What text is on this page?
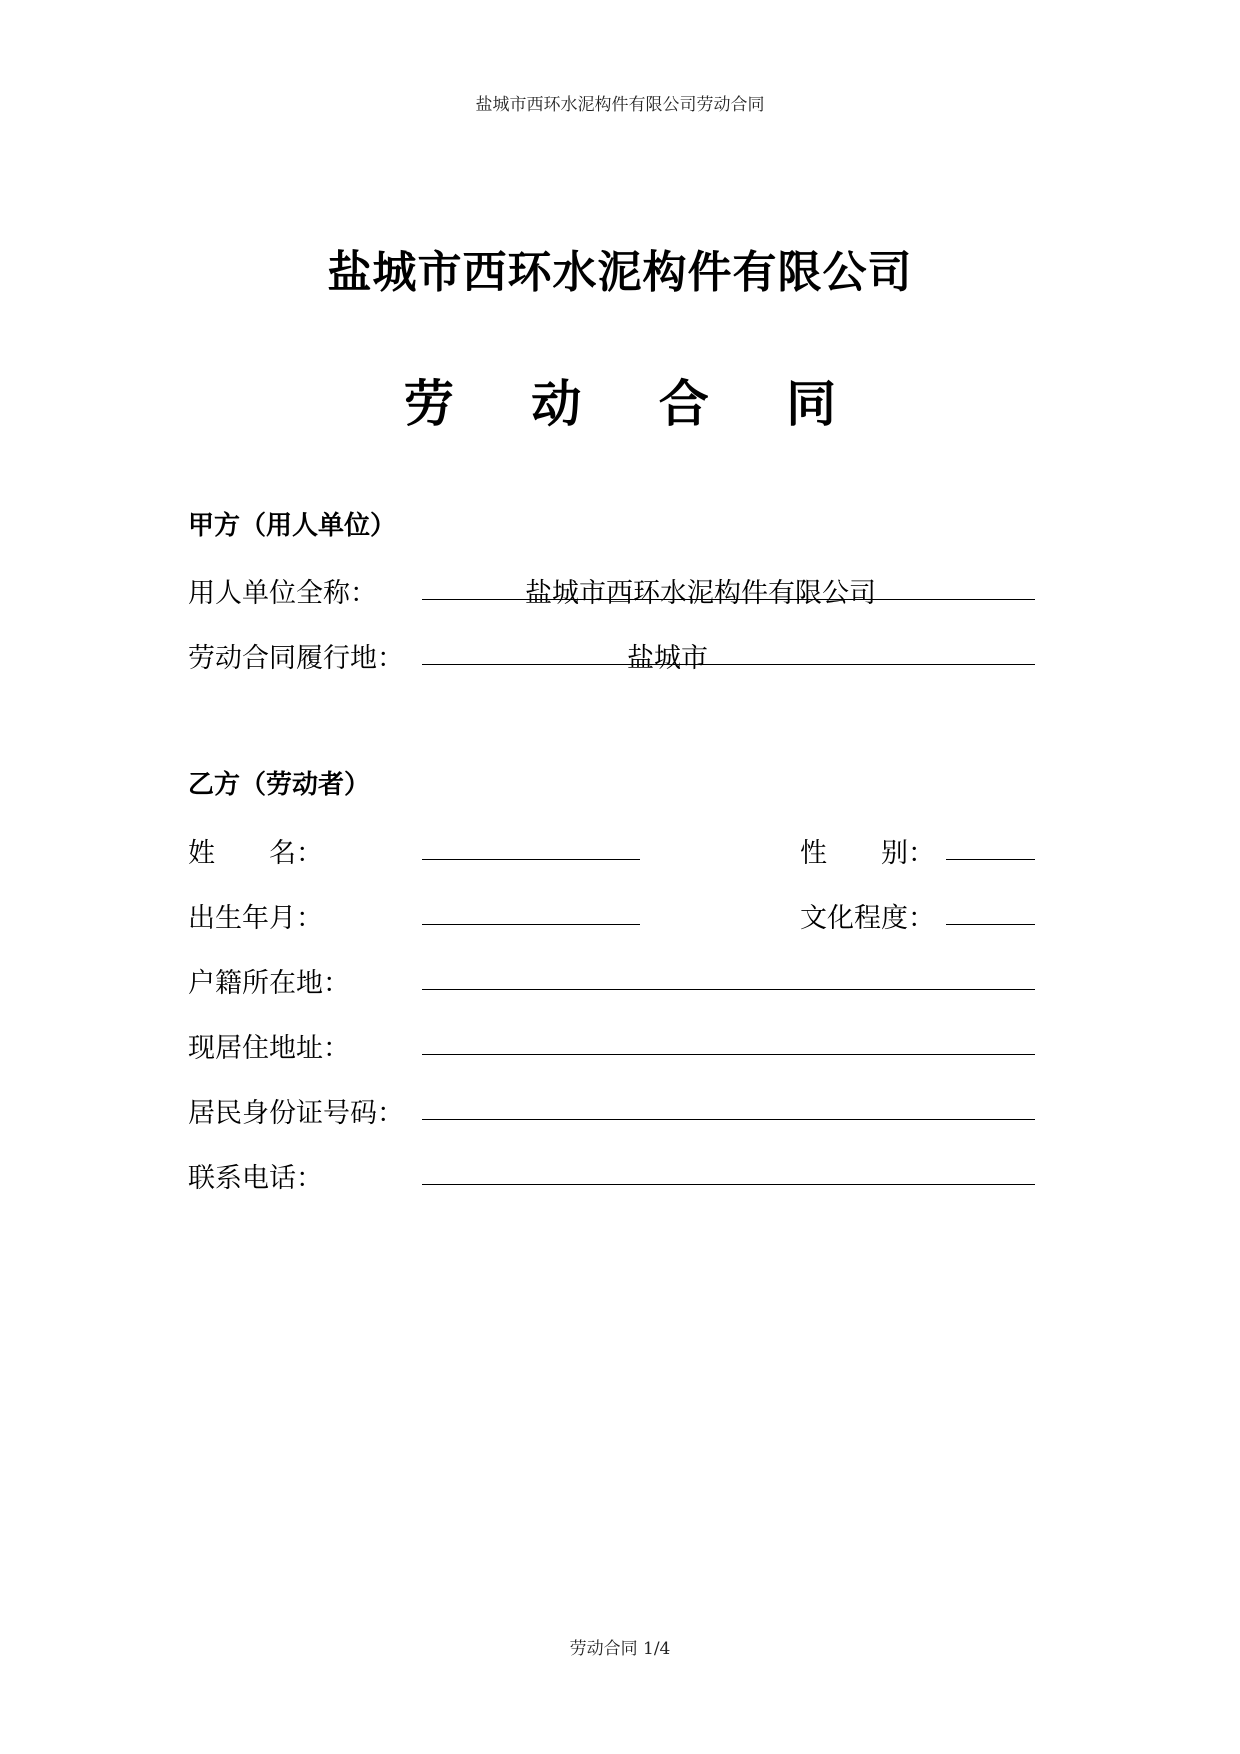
盐城市西环水泥构件有限公司劳动合同
盐城市西环水泥构件有限公司
劳 动 合 同
甲方（用人单位）
用人单位全称：	盐城市西环水泥构件有限公司
劳动合同履行地：	盐城市
乙方（劳动者）
姓　　名：	性　　别：
出生年月：	文化程度：
户籍所在地：
现居住地址：
居民身份证号码：
联系电话：
劳动合同 1/4
